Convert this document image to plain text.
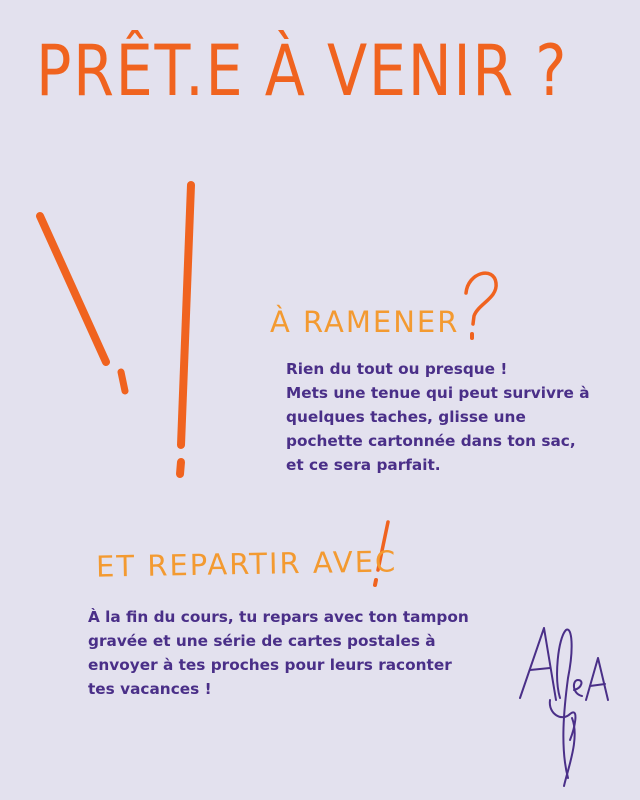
PRÊT.E À VENIR ?
À RAMENER

Rien du tout ou presque !
Mets une tenue qui peut survivre à
quelques taches, glisse une
pochette cartonnée dans ton sac,
et ce sera parfait.

ET REPARTIR AVEC

À la fin du cours, tu repars avec ton tampon
gravée et une série de cartes postales à
envoyer à tes proches pour leurs raconter
tes vacances !
